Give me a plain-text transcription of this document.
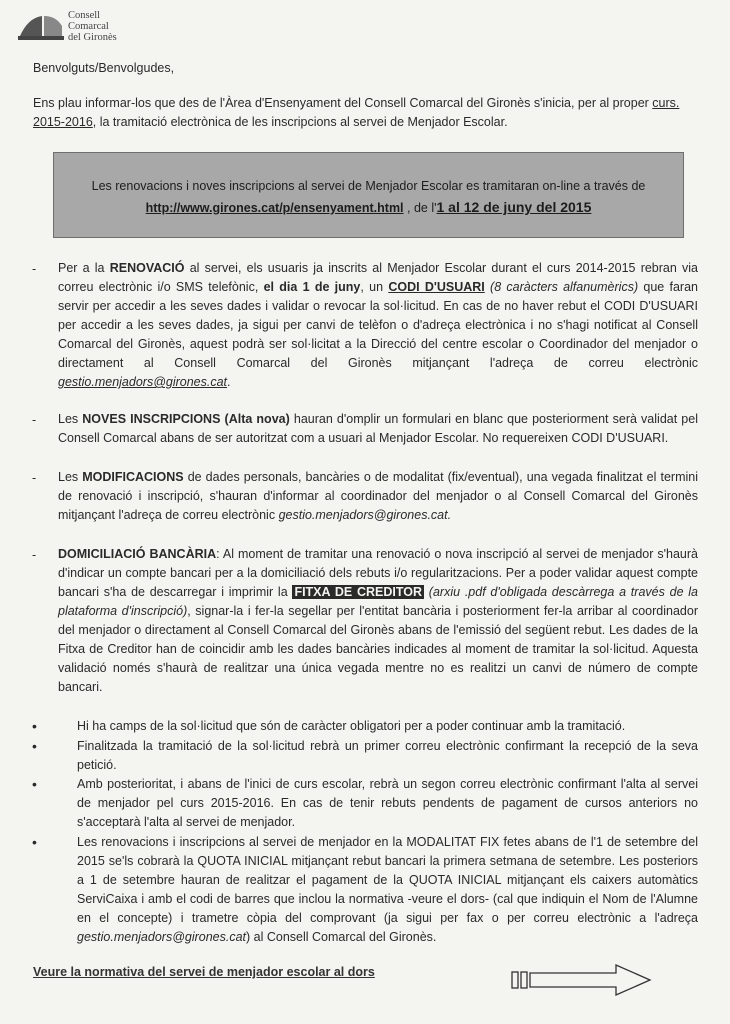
Consell
Comarcal
del Gironès
Benvolguts/Benvolgudes,
Ens plau informar-los que des de l'Àrea d'Ensenyament del Consell Comarcal del Gironès s'inicia, per al proper curs.
2015-2016, la tramitació electrònica de les inscripcions al servei de Menjador Escolar.
Les renovacions i noves inscripcions al servei de Menjador Escolar es tramitaran on-line a través de
http://www.girones.cat/p/ensenyament.html , de l'1 al 12 de juny del 2015
- Per a la RENOVACIÓ al servei, els usuaris ja inscrits al Menjador Escolar durant el curs 2014-2015 rebran via correu electrònic i/o SMS telefònic, el dia 1 de juny, un CODI D'USUARI (8 caràcters alfanumèrics) que faran servir per accedir a les seves dades i validar o revocar la sol·licitud. En cas de no haver rebut el CODI D'USUARI per accedir a les seves dades, ja sigui per canvi de telèfon o d'adreça electrònica i no s'hagi notificat al Consell Comarcal del Gironès, aquest podrà ser sol·licitat a la Direcció del centre escolar o Coordinador del menjador o directament al Consell Comarcal del Gironès mitjançant l'adreça de correu electrònic gestio.menjadors@girones.cat.
- Les NOVES INSCRIPCIONS (Alta nova) hauran d'omplir un formulari en blanc que posteriorment serà validat pel Consell Comarcal abans de ser autoritzat com a usuari al Menjador Escolar. No requereixen CODI D'USUARI.
- Les MODIFICACIONS de dades personals, bancàries o de modalitat (fix/eventual), una vegada finalitzat el termini de renovació i inscripció, s'hauran d'informar al coordinador del menjador o al Consell Comarcal del Gironès mitjançant l'adreça de correu electrònic gestio.menjadors@girones.cat.
- DOMICILIACIÓ BANCÀRIA: Al moment de tramitar una renovació o nova inscripció al servei de menjador s'haurà d'indicar un compte bancari per a la domiciliació dels rebuts i/o regularitzacions. Per a poder validar aquest compte bancari s'ha de descarregar i imprimir la FITXA DE CREDITOR (arxiu .pdf d'obligada descàrrega a través de la plataforma d'inscripció), signar-la i fer-la segellar per l'entitat bancària i posteriorment fer-la arribar al coordinador del menjador o directament al Consell Comarcal del Gironès abans de l'emissió del següent rebut. Les dades de la Fitxa de Creditor han de coincidir amb les dades bancàries indicades al moment de tramitar la sol·licitud. Aquesta validació només s'haurà de realitzar una única vegada mentre no es realitzi un canvi de número de compte bancari.
•	Hi ha camps de la sol·licitud que són de caràcter obligatori per a poder continuar amb la tramitació.
•	Finalitzada la tramitació de la sol·licitud rebrà un primer correu electrònic confirmant la recepció de la seva petició.
•	Amb posterioritat, i abans de l'inici de curs escolar, rebrà un segon correu electrònic confirmant l'alta al servei de menjador pel curs 2015-2016. En cas de tenir rebuts pendents de pagament de cursos anteriors no s'acceptarà l'alta al servei de menjador.
•	Les renovacions i inscripcions al servei de menjador en la MODALITAT FIX fetes abans de l'1 de setembre del 2015 se'ls cobrarà la QUOTA INICIAL mitjançant rebut bancari la primera setmana de setembre. Les posteriors a 1 de setembre hauran de realitzar el pagament de la QUOTA INICIAL mitjançant els caixers automàtics ServiCaixa i amb el codi de barres que inclou la normativa -veure el dors- (cal que indiquin el Nom de l'Alumne en el concepte) i trametre còpia del comprovant (ja sigui per fax o per correu electrònic a l'adreça gestio.menjadors@girones.cat) al Consell Comarcal del Gironès.
Veure la normativa del servei de menjador escolar al dors
